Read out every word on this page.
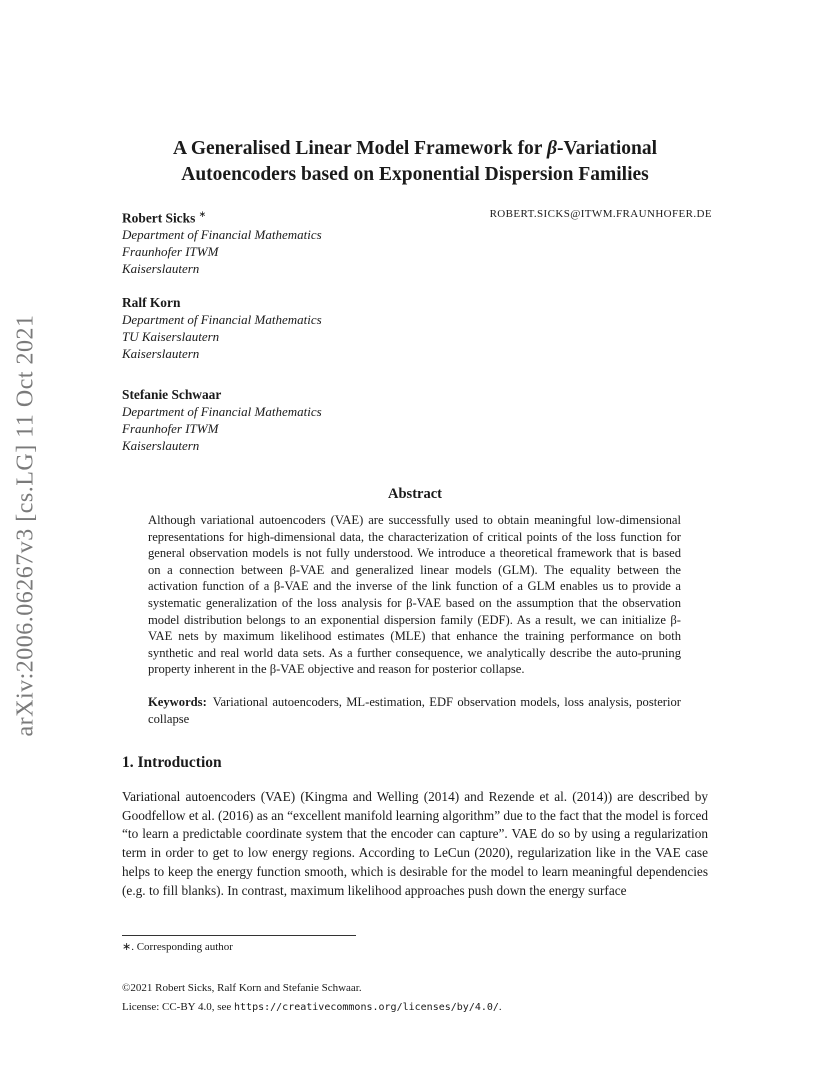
arXiv:2006.06267v3 [cs.LG] 11 Oct 2021
A Generalised Linear Model Framework for β-Variational
Autoencoders based on Exponential Dispersion Families
Robert Sicks ∗	ROBERT.SICKS@ITWM.FRAUNHOFER.DE
Department of Financial Mathematics
Fraunhofer ITWM
Kaiserslautern
Ralf Korn
Department of Financial Mathematics
TU Kaiserslautern
Kaiserslautern
Stefanie Schwaar
Department of Financial Mathematics
Fraunhofer ITWM
Kaiserslautern
Abstract
Although variational autoencoders (VAE) are successfully used to obtain meaningful low-dimensional representations for high-dimensional data, the characterization of critical points of the loss function for general observation models is not fully understood. We introduce a theoretical framework that is based on a connection between β-VAE and generalized linear models (GLM). The equality between the activation function of a β-VAE and the inverse of the link function of a GLM enables us to provide a systematic generalization of the loss analysis for β-VAE based on the assumption that the observation model distribution belongs to an exponential dispersion family (EDF). As a result, we can initialize β-VAE nets by maximum likelihood estimates (MLE) that enhance the training performance on both synthetic and real world data sets. As a further consequence, we analytically describe the auto-pruning property inherent in the β-VAE objective and reason for posterior collapse.
Keywords: Variational autoencoders, ML-estimation, EDF observation models, loss analysis, posterior collapse
1. Introduction
Variational autoencoders (VAE) (Kingma and Welling (2014) and Rezende et al. (2014)) are described by Goodfellow et al. (2016) as an “excellent manifold learning algorithm” due to the fact that the model is forced “to learn a predictable coordinate system that the encoder can capture”. VAE do so by using a regularization term in order to get to low energy regions. According to LeCun (2020), regularization like in the VAE case helps to keep the energy function smooth, which is desirable for the model to learn meaningful dependencies (e.g. to fill blanks). In contrast, maximum likelihood approaches push down the energy surface
∗. Corresponding author
©2021 Robert Sicks, Ralf Korn and Stefanie Schwaar.
License: CC-BY 4.0, see https://creativecommons.org/licenses/by/4.0/.
